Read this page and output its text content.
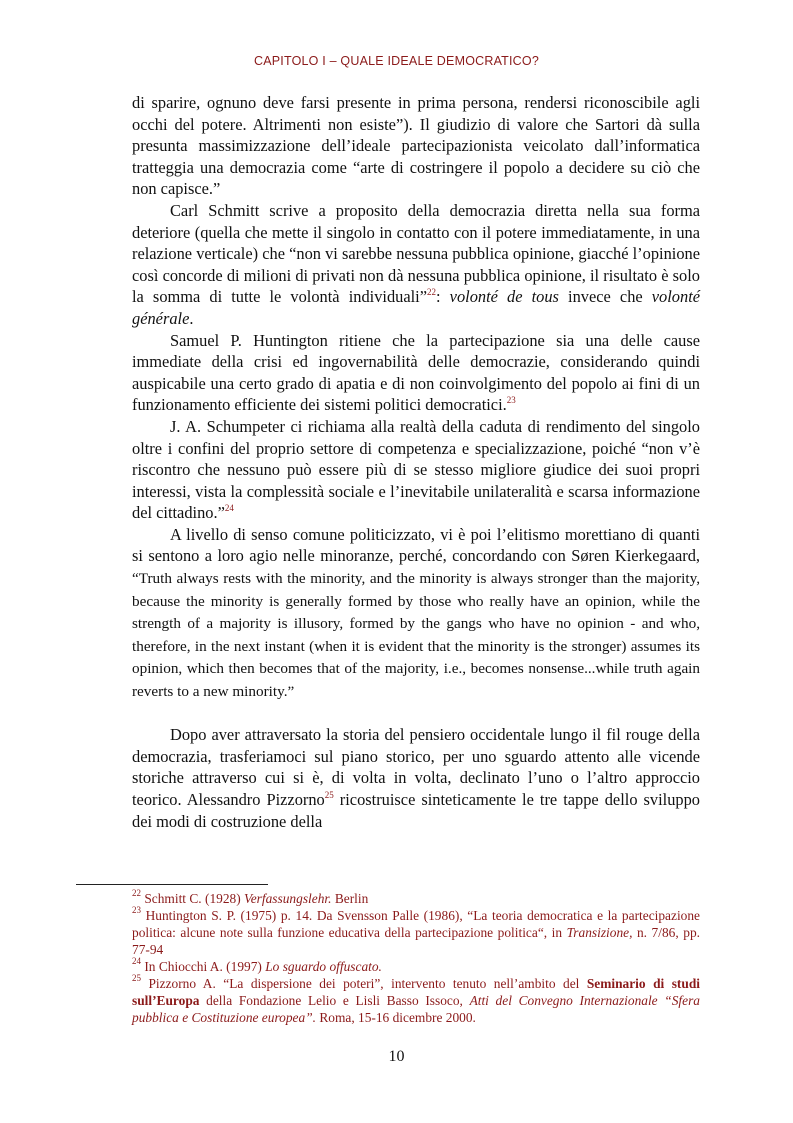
CAPITOLO I – QUALE IDEALE DEMOCRATICO?

di sparire, ognuno deve farsi presente in prima persona, rendersi riconoscibile agli occhi del potere. Altrimenti non esiste”). Il giudizio di valore che Sartori dà sulla presunta massimizzazione dell’ideale partecipazionista veicolato dall’informatica tratteggia una democrazia come “arte di costringere il popolo a decidere su ciò che non capisce.”

Carl Schmitt scrive a proposito della democrazia diretta nella sua forma deteriore (quella che mette il singolo in contatto con il potere immediatamente, in una relazione verticale) che “non vi sarebbe nessuna pubblica opinione, giacché l’opinione così concorde di milioni di privati non dà nessuna pubblica opinione, il risultato è solo la somma di tutte le volontà individuali”$^{22}$: volonté de tous invece che volonté générale.

Samuel P. Huntington ritiene che la partecipazione sia una delle cause immediate della crisi ed ingovernabilità delle democrazie, considerando quindi auspicabile una certo grado di apatia e di non coinvolgimento del popolo ai fini di un funzionamento efficiente dei sistemi politici democratici.$^{23}$

J. A. Schumpeter ci richiama alla realtà della caduta di rendimento del singolo oltre i confini del proprio settore di competenza e specializzazione, poiché “non v’è riscontro che nessuno può essere più di se stesso migliore giudice dei suoi propri interessi, vista la complessità sociale e l’inevitabile unilateralità e scarsa informazione del cittadino.”$^{24}$

A livello di senso comune politicizzato, vi è poi l’elitismo morettiano di quanti si sentono a loro agio nelle minoranze, perché, concordando con Søren Kierkegaard, “Truth always rests with the minority, and the minority is always stronger than the majority, because the minority is generally formed by those who really have an opinion, while the strength of a majority is illusory, formed by the gangs who have no opinion - and who, therefore, in the next instant (when it is evident that the minority is the stronger) assumes its opinion, which then becomes that of the majority, i.e., becomes nonsense...while truth again reverts to a new minority.”

Dopo aver attraversato la storia del pensiero occidentale lungo il fil rouge della democrazia, trasferiamoci sul piano storico, per uno sguardo attento alle vicende storiche attraverso cui si è, di volta in volta, declinato l’uno o l’altro approccio teorico. Alessandro Pizzorno$^{25}$ ricostruisce sinteticamente le tre tappe dello sviluppo dei modi di costruzione della

$^{22}$ Schmitt C. (1928) Verfassungslehr. Berlin

$^{23}$ Huntington S. P. (1975) p. 14. Da Svensson Palle (1986), “La teoria democratica e la partecipazione politica: alcune note sulla funzione educativa della partecipazione politica“, in Transizione, n. 7/86, pp. 77-94

$^{24}$ In Chiocchi A. (1997) Lo sguardo offuscato.

$^{25}$ Pizzorno A. “La dispersione dei poteri”, intervento tenuto nell’ambito del Seminario di studi sull’Europa della Fondazione Lelio e Lisli Basso Issoco, Atti del Convegno Internazionale “Sfera pubblica e Costituzione europea”. Roma, 15-16 dicembre 2000.

10
